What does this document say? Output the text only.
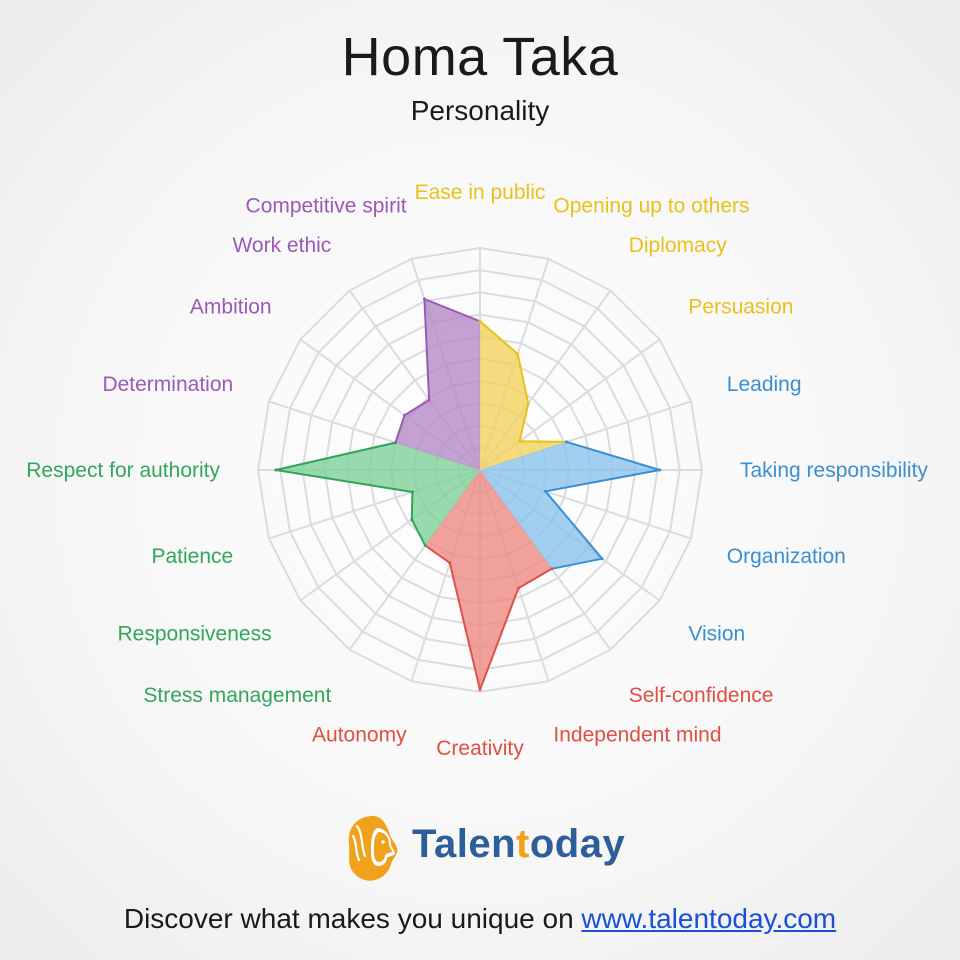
Homa Taka
Personality
Ease in public
Opening up to others
Diplomacy
Persuasion
Leading
Taking responsibility
Organization
Vision
Self-confidence
Independent mind
Creativity
Autonomy
Stress management
Responsiveness
Patience
Respect for authority
Determination
Ambition
Work ethic
Competitive spirit
Talentoday
Discover what makes you unique on www.talentoday.com
